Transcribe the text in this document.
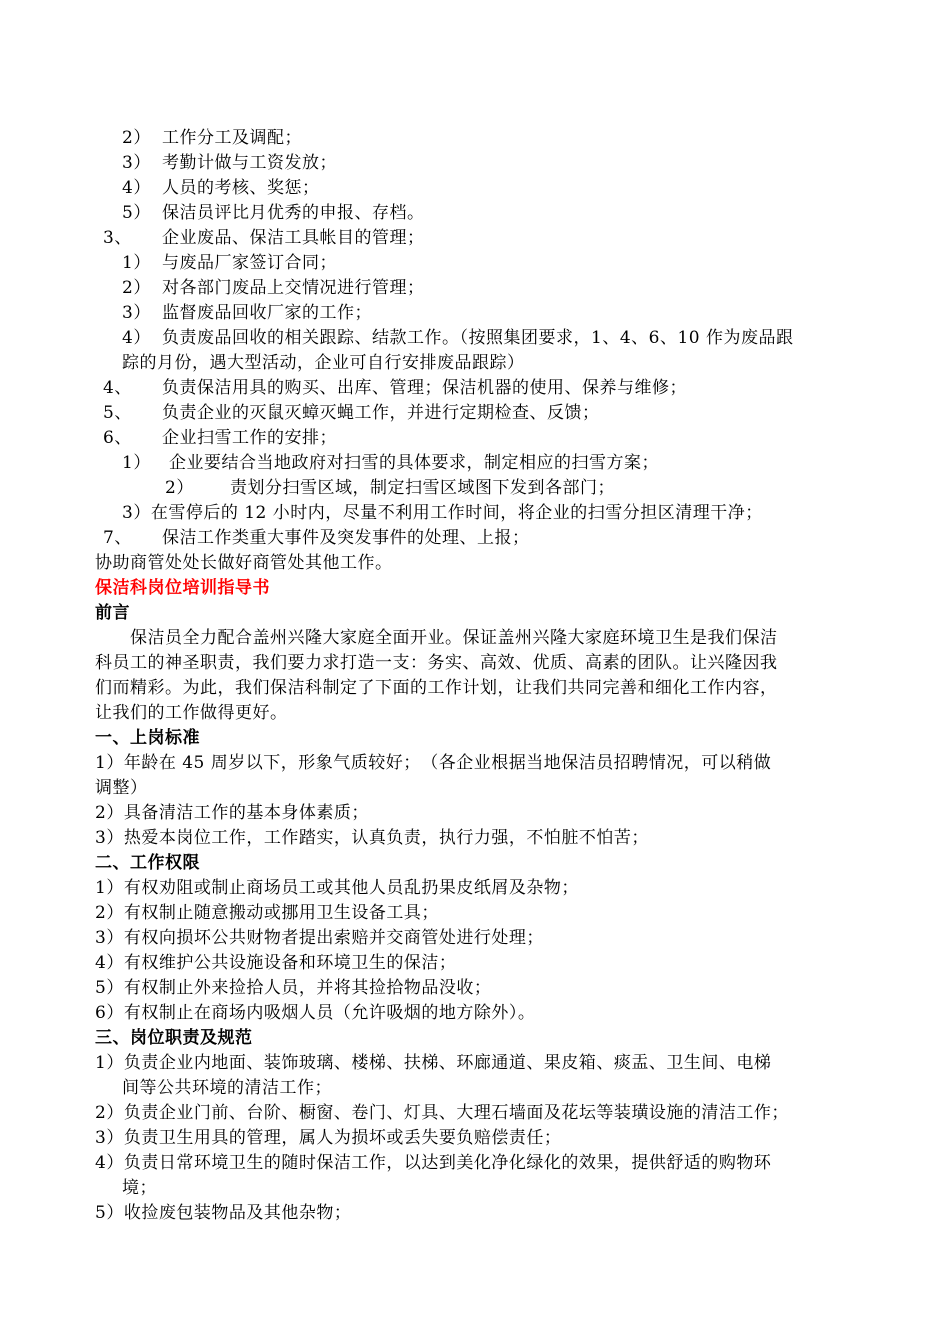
2） 工作分工及调配；
3） 考勤计做与工资发放；
4） 人员的考核、奖惩；
5） 保洁员评比月优秀的申报、存档。
3、 企业废品、保洁工具帐目的管理；
1） 与废品厂家签订合同；
2） 对各部门废品上交情况进行管理；
3） 监督废品回收厂家的工作；
4） 负责废品回收的相关跟踪、结款工作。（按照集团要求，1、4、6、10 作为废品跟
踪的月份，遇大型活动，企业可自行安排废品跟踪）
4、 负责保洁用具的购买、出库、管理；保洁机器的使用、保养与维修；
5、 负责企业的灭鼠灭蟑灭蝇工作，并进行定期检查、反馈；
6、 企业扫雪工作的安排；
1） 企业要结合当地政府对扫雪的具体要求，制定相应的扫雪方案；
2） 责划分扫雪区域，制定扫雪区域图下发到各部门；
3）在雪停后的 12 小时内，尽量不利用工作时间，将企业的扫雪分担区清理干净；
7、 保洁工作类重大事件及突发事件的处理、上报；
协助商管处处长做好商管处其他工作。
保洁科岗位培训指导书
前言
保洁员全力配合盖州兴隆大家庭全面开业。保证盖州兴隆大家庭环境卫生是我们保洁
科员工的神圣职责，我们要力求打造一支：务实、高效、优质、高素的团队。让兴隆因我
们而精彩。为此，我们保洁科制定了下面的工作计划，让我们共同完善和细化工作内容，
让我们的工作做得更好。
一、上岗标准
1）年龄在 45 周岁以下，形象气质较好；　（各企业根据当地保洁员招聘情况，可以稍做
调整）
2）具备清洁工作的基本身体素质；
3）热爱本岗位工作，工作踏实，认真负责，执行力强，不怕脏不怕苦；
二、工作权限
1）有权劝阻或制止商场员工或其他人员乱扔果皮纸屑及杂物；
2）有权制止随意搬动或挪用卫生设备工具；
3）有权向损坏公共财物者提出索赔并交商管处进行处理；
4）有权维护公共设施设备和环境卫生的保洁；
5）有权制止外来捡拾人员，并将其捡拾物品没收；
6）有权制止在商场内吸烟人员（允许吸烟的地方除外）。
三、岗位职责及规范
1）负责企业内地面、装饰玻璃、楼梯、扶梯、环廊通道、果皮箱、痰盂、卫生间、电梯
间等公共环境的清洁工作；
2）负责企业门前、台阶、橱窗、卷门、灯具、大理石墙面及花坛等装璜设施的清洁工作；
3）负责卫生用具的管理，属人为损坏或丢失要负赔偿责任；
4）负责日常环境卫生的随时保洁工作，以达到美化净化绿化的效果，提供舒适的购物环
境；
5）收捡废包装物品及其他杂物；
